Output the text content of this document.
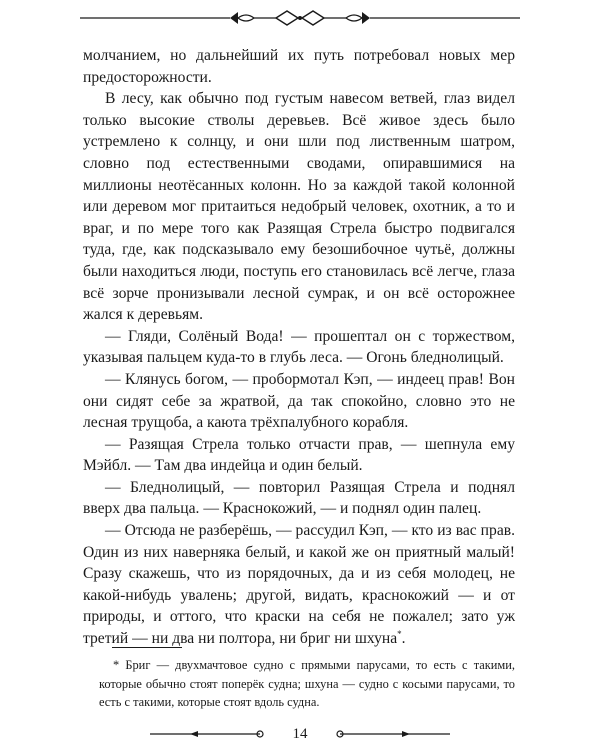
молчанием, но дальнейший их путь потребовал новых мер предосторожности.

В лесу, как обычно под густым навесом ветвей, глаз видел только высокие стволы деревьев. Всё живое здесь было устремлено к солнцу, и они шли под лиственным шатром, словно под естественными сводами, опиравшимися на миллионы неотёсанных колонн. Но за каждой такой колонной или деревом мог притаиться недобрый человек, охотник, а то и враг, и по мере того как Разящая Стрела быстро подвигался туда, где, как подсказывало ему безошибочное чутьё, должны были находиться люди, поступь его становилась всё легче, глаза всё зорче пронизывали лесной сумрак, и он всё осторожнее жался к деревьям.

— Гляди, Солёный Вода! — прошептал он с торжеством, указывая пальцем куда-то в глубь леса. — Огонь бледнолицый.

— Клянусь богом, — пробормотал Кэп, — индеец прав! Вон они сидят себе за жратвой, да так спокойно, словно это не лесная трущоба, а каюта трёхпалубного корабля.

— Разящая Стрела только отчасти прав, — шепнула ему Мэйбл. — Там два индейца и один белый.

— Бледнолицый, — повторил Разящая Стрела и поднял вверх два пальца. — Краснокожий, — и поднял один палец.

— Отсюда не разберёшь, — рассудил Кэп, — кто из вас прав. Один из них наверняка белый, и какой же он приятный малый! Сразу скажешь, что из порядочных, да и из себя молодец, не какой-нибудь увалень; другой, видать, краснокожий — и от природы, и оттого, что краски на себя не пожалел; зато уж третий — ни два ни полтора, ни бриг ни шхуна*.

* Бриг — двухмачтовое судно с прямыми парусами, то есть с такими, которые обычно стоят поперёк судна; шхуна — судно с косыми парусами, то есть с такими, которые стоят вдоль судна.

14
